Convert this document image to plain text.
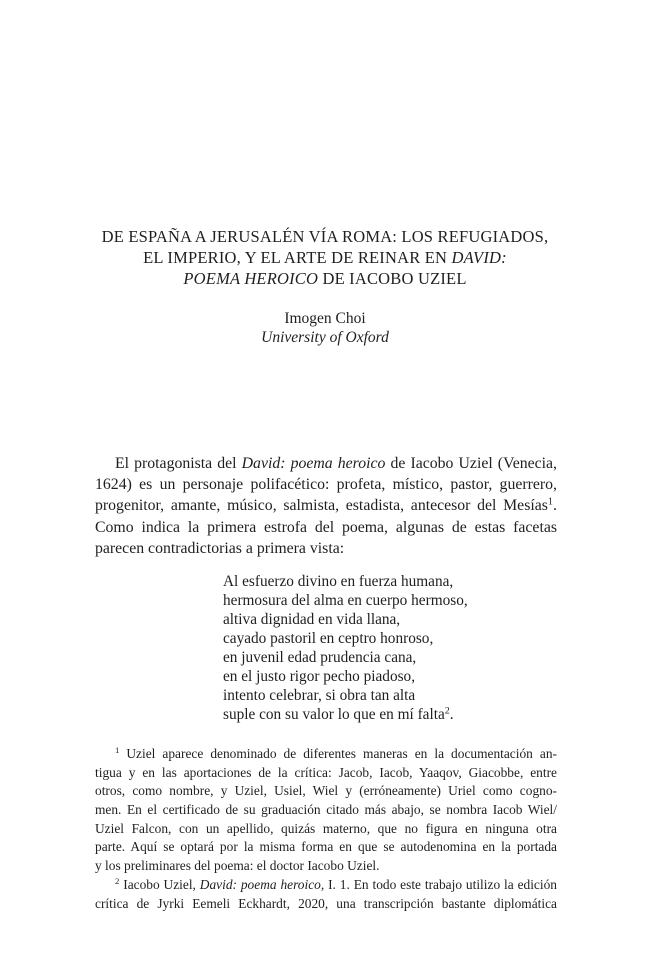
DE ESPAÑA A JERUSALÉN VÍA ROMA: LOS REFUGIADOS,
EL IMPERIO, Y EL ARTE DE REINAR EN DAVID:
POEMA HEROICO DE IACOBO UZIEL
Imogen Choi
University of Oxford
El protagonista del David: poema heroico de Iacobo Uziel (Venecia,
1624) es un personaje polifacético: profeta, místico, pastor, guerrero,
progenitor, amante, músico, salmista, estadista, antecesor del Mesías$^1$.
Como indica la primera estrofa del poema, algunas de estas facetas
parecen contradictorias a primera vista:
Al esfuerzo divino en fuerza humana,
hermosura del alma en cuerpo hermoso,
altiva dignidad en vida llana,
cayado pastoril en ceptro honroso,
en juvenil edad prudencia cana,
en el justo rigor pecho piadoso,
intento celebrar, si obra tan alta
suple con su valor lo que en mí falta$^2$.
$^1$ Uziel aparece denominado de diferentes maneras en la documentación an-
tigua y en las aportaciones de la crítica: Jacob, Iacob, Yaaqov, Giacobbe, entre
otros, como nombre, y Uziel, Usiel, Wiel y (erróneamente) Uriel como cogno-
men. En el certificado de su graduación citado más abajo, se nombra Iacob Wiel/
Uziel Falcon, con un apellido, quizás materno, que no figura en ninguna otra
parte. Aquí se optará por la misma forma en que se autodenomina en la portada
y los preliminares del poema: el doctor Iacobo Uziel.
$^2$ Iacobo Uziel, David: poema heroico, I. 1. En todo este trabajo utilizo la edición
crítica de Jyrki Eemeli Eckhardt, 2020, una transcripción bastante diplomática
